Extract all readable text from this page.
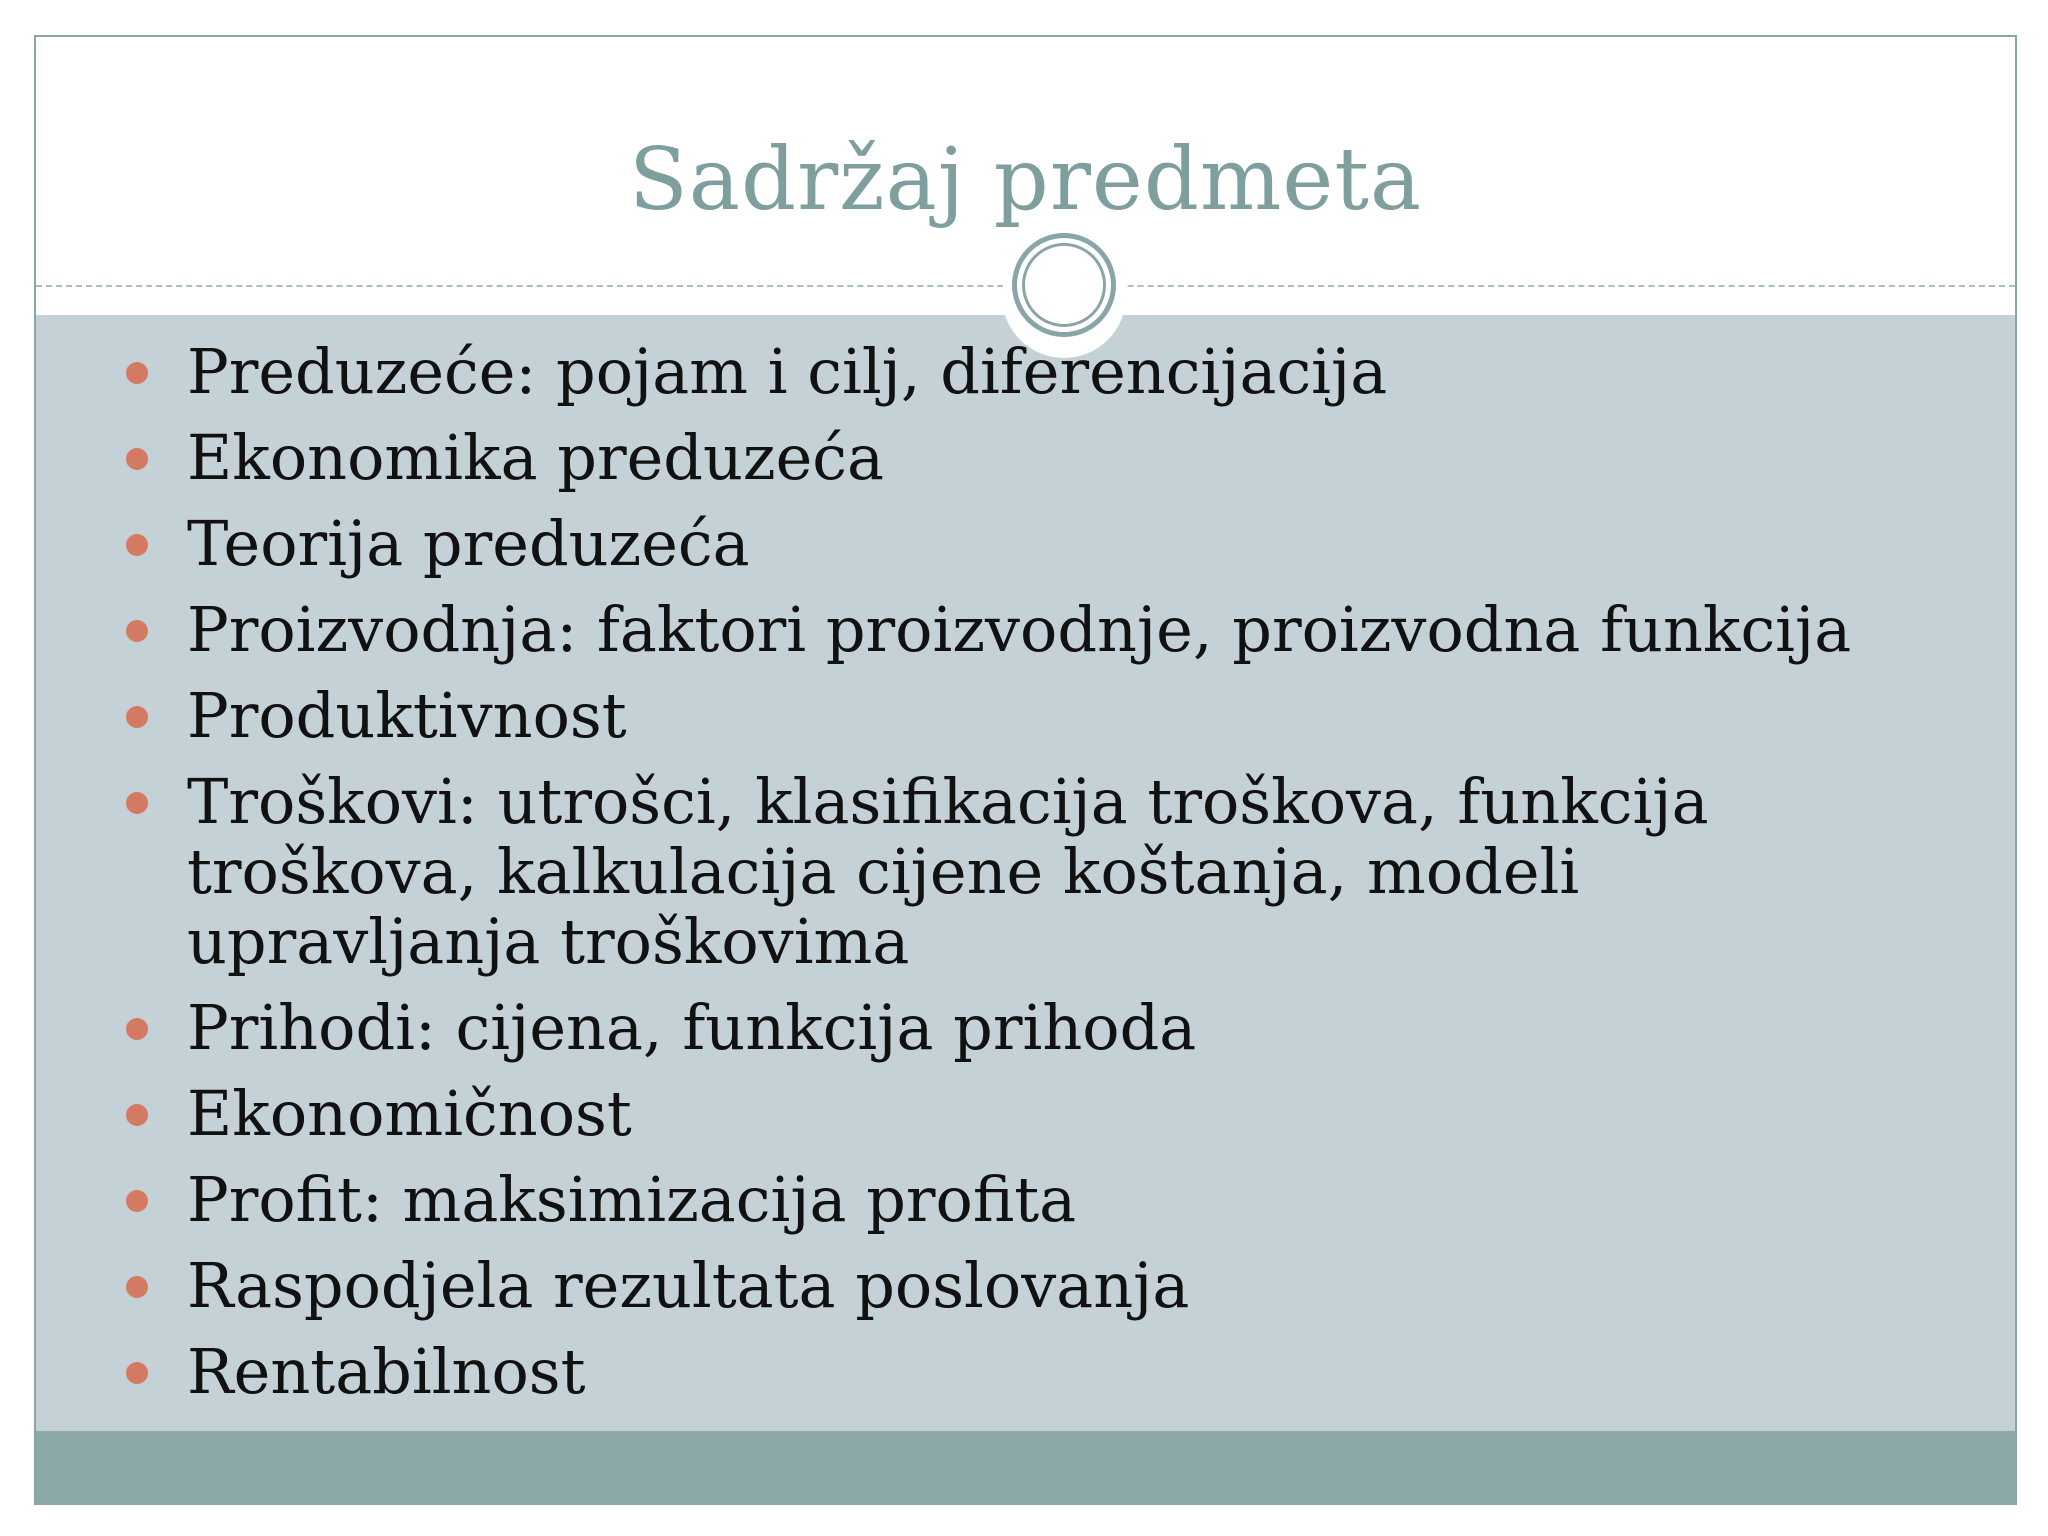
Sadržaj predmeta
Preduzeće: pojam i cilj, diferencijacija
Ekonomika preduzeća
Teorija preduzeća
Proizvodnja: faktori proizvodnje, proizvodna funkcija
Produktivnost
Troškovi: utrošci, klasifikacija troškova, funkcija troškova, kalkulacija cijene koštanja, modeli upravljanja troškovima
Prihodi: cijena, funkcija prihoda
Ekonomičnost
Profit: maksimizacija profita
Raspodjela rezultata poslovanja
Rentabilnost
